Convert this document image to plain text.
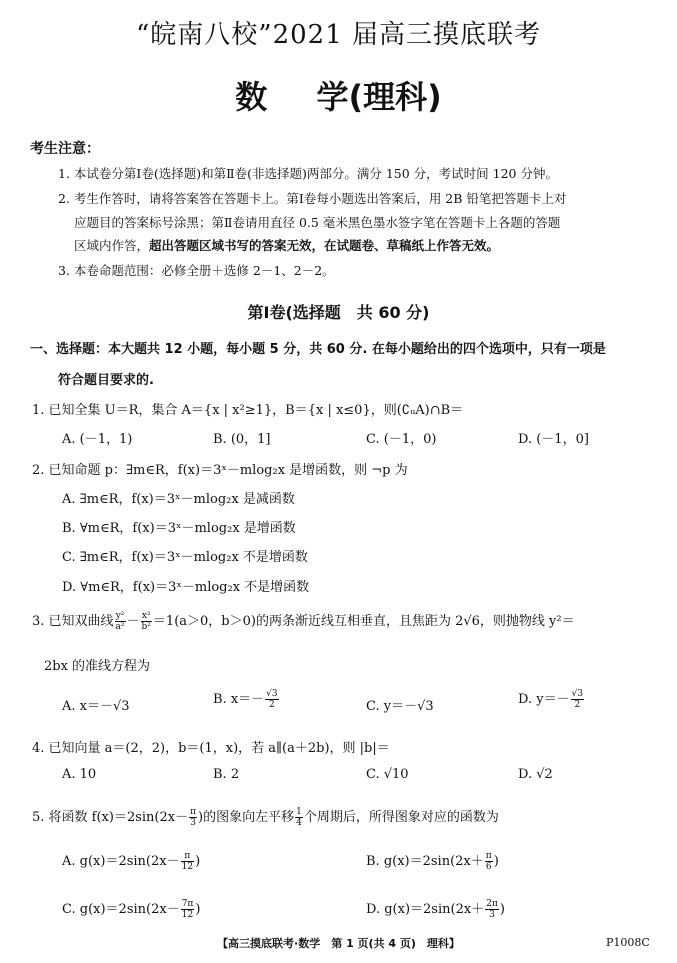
“皖南八校”2021 届高三摸底联考
数 学(理科)
考生注意：
1. 本试卷分第Ⅰ卷(选择题)和第Ⅱ卷(非选择题)两部分。满分 150 分，考试时间 120 分钟。
2. 考生作答时，请将答案答在答题卡上。第Ⅰ卷每小题选出答案后，用 2B 铅笔把答题卡上对
应题目的答案标号涂黑；第Ⅱ卷请用直径 0.5 毫米黑色墨水签字笔在答题卡上各题的答题
区域内作答，超出答题区域书写的答案无效，在试题卷、草稿纸上作答无效。
3. 本卷命题范围：必修全册＋选修 2－1、2－2。
第Ⅰ卷(选择题　共 60 分)
一、选择题：本大题共 12 小题，每小题 5 分，共 60 分. 在每小题给出的四个选项中，只有一项是
符合题目要求的.
1. 已知全集 U＝R，集合 A＝{x | x²≥1}，B＝{x | x≤0}，则(∁ᵤA)∩B＝
A. (－1，1)	B. (0，1]	C. (－1，0)	D. (－1，0]
2. 已知命题 p：∃m∈R，f(x)＝3ˣ－mlog₂x 是增函数，则 ¬p 为
A. ∃m∈R，f(x)＝3ˣ－mlog₂x 是减函数
B. ∀m∈R，f(x)＝3ˣ－mlog₂x 是增函数
C. ∃m∈R，f(x)＝3ˣ－mlog₂x 不是增函数
D. ∀m∈R，f(x)＝3ˣ－mlog₂x 不是增函数
3. 已知双曲线 $\frac{\text{y²}}{\text{a²}} - \frac{\text{x²}}{\text{b²}} =1(a>0$，b＞0)的两条渐近线互相垂直，且焦距为 2√6，则抛物线 y²＝
2bx 的准线方程为
A. x＝－√3	B. $x=- \frac{√3}{2}$	C. y＝－√3	D. $y=- \frac{√3}{2}$
4. 已知向量 a＝(2，2)，b＝(1，x)，若 a∥(a＋2b)，则 |b|＝
A. 10	B. 2	C. √10	D. √2
5. 将函数 $f(x)=2\sin(2x- \frac{\pi}{3}$ )的图象向左平移 $\frac{1}{4}$ 个周期后，所得图象对应的函数为
A. $g(x)=2\sin(2x- \frac{\pi}{12}$ )	B. $g(x)=2\sin(2x+ \frac{\pi}{6}$ )
C. $g(x)=2\sin(2x- \frac{7\pi}{12}$ )	D. $g(x)=2\sin(2x+ \frac{2\pi}{3}$ )
【高三摸底联考·数学　第 1 页(共 4 页)　理科】	P1008C
